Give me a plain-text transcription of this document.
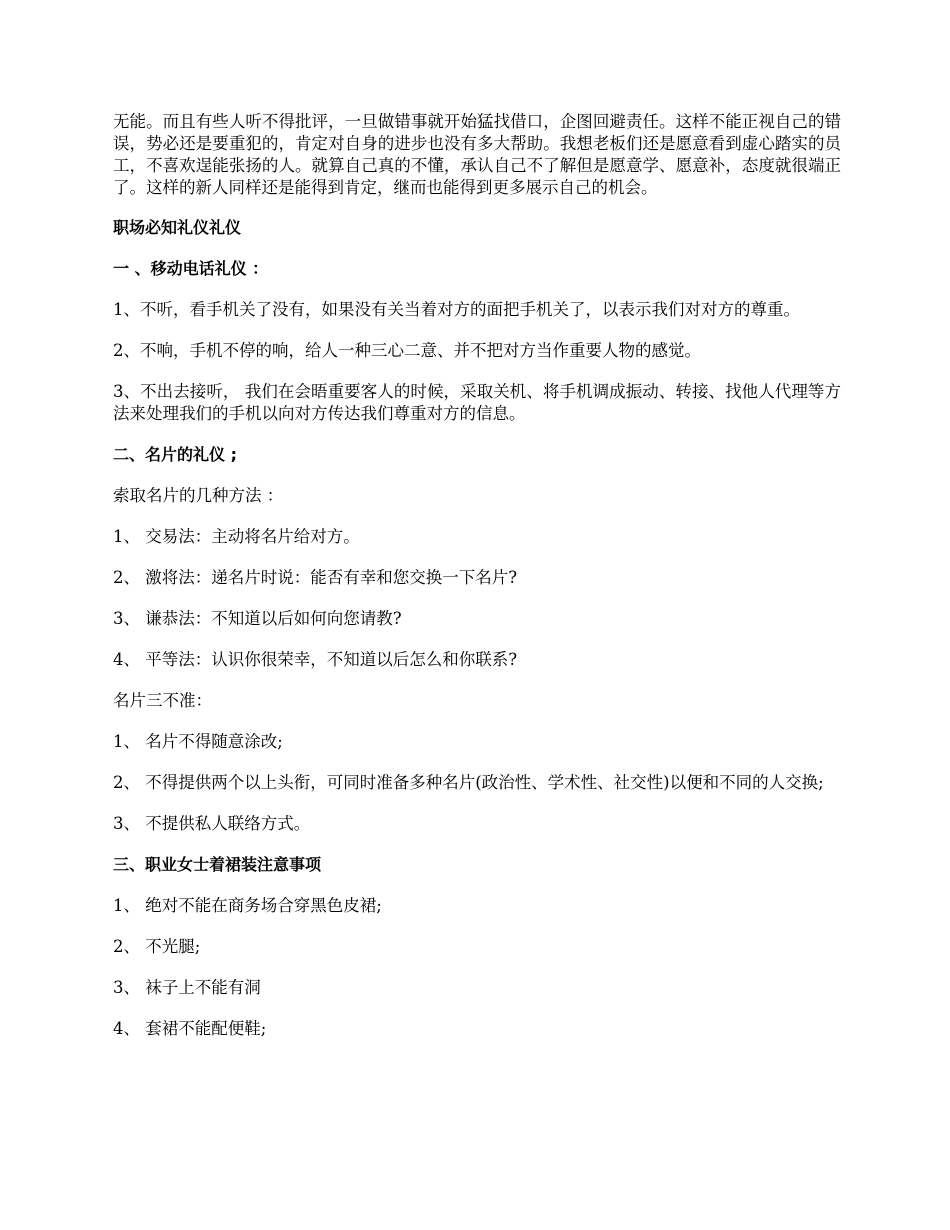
无能。而且有些人听不得批评，一旦做错事就开始猛找借口，企图回避责任。这样不能正视自己的错误，势必还是要重犯的，肯定对自身的进步也没有多大帮助。我想老板们还是愿意看到虚心踏实的员工，不喜欢逞能张扬的人。就算自己真的不懂，承认自己不了解但是愿意学、愿意补，态度就很端正了。这样的新人同样还是能得到肯定，继而也能得到更多展示自己的机会。

职场必知礼仪礼仪

一 、移动电话礼仪 ：

1、不听，看手机关了没有，如果没有关当着对方的面把手机关了，以表示我们对对方的尊重。

2、不响，手机不停的响，给人一种三心二意、并不把对方当作重要人物的感觉。

3、不出去接听， 我们在会晤重要客人的时候，采取关机、将手机调成振动、转接、找他人代理等方法来处理我们的手机以向对方传达我们尊重对方的信息。

二、名片的礼仪 ;

索取名片的几种方法 ：

1、 交易法：主动将名片给对方。

2、 激将法：递名片时说：能否有幸和您交换一下名片?

3、 谦恭法：不知道以后如何向您请教?

4、 平等法：认识你很荣幸，不知道以后怎么和你联系?

名片三不准：

1、 名片不得随意涂改;

2、 不得提供两个以上头衔，可同时准备多种名片(政治性、学术性、社交性)以便和不同的人交换;

3、 不提供私人联络方式。

三、职业女士着裙装注意事项

1、 绝对不能在商务场合穿黑色皮裙;

2、 不光腿;

3、 袜子上不能有洞

4、 套裙不能配便鞋;
